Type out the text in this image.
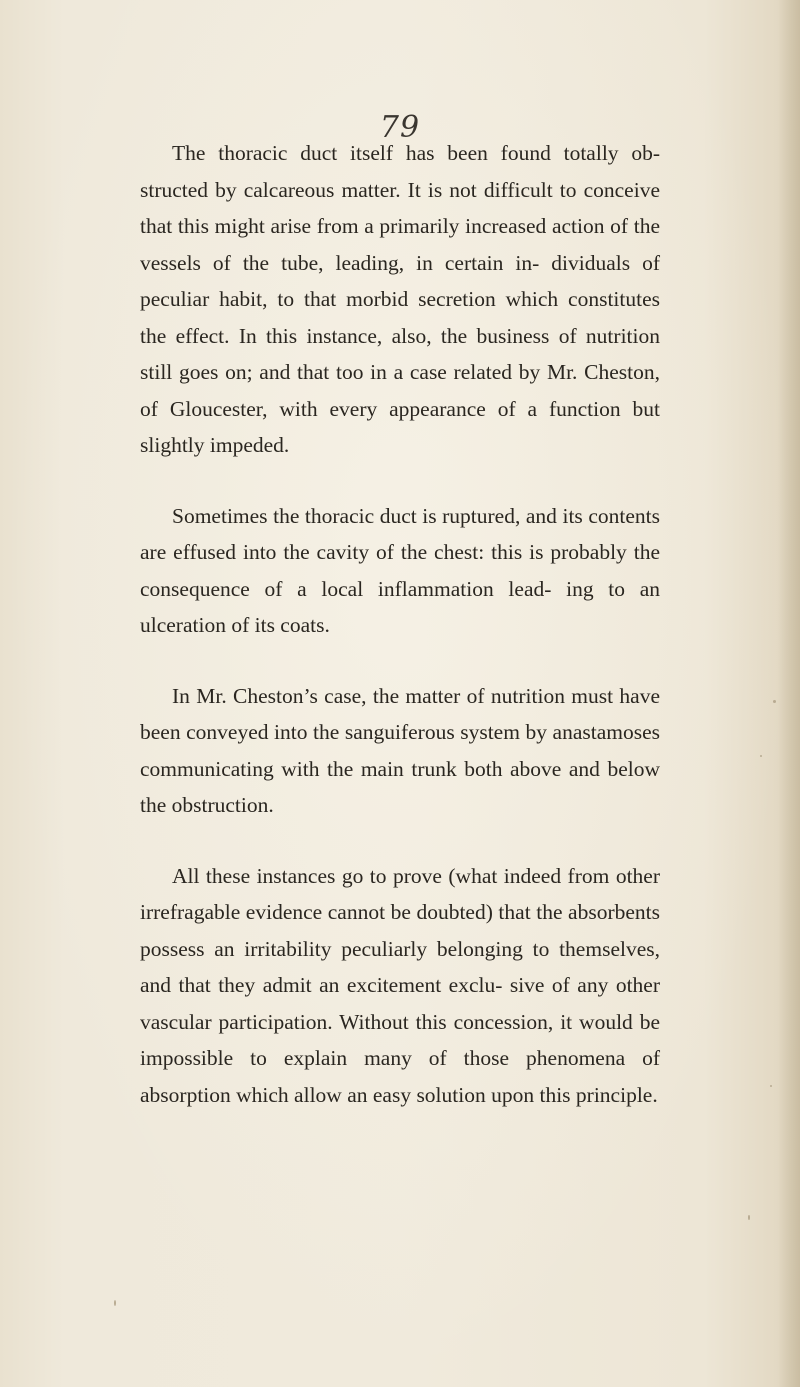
79

The thoracic duct itself has been found totally ob- structed by calcareous matter. It is not difficult to conceive that this might arise from a primarily increased action of the vessels of the tube, leading, in certain in- dividuals of peculiar habit, to that morbid secretion which constitutes the effect. In this instance, also, the business of nutrition still goes on; and that too in a case related by Mr. Cheston, of Gloucester, with every appearance of a function but slightly impeded.

Sometimes the thoracic duct is ruptured, and its contents are effused into the cavity of the chest: this is probably the consequence of a local inflammation lead- ing to an ulceration of its coats.

In Mr. Cheston’s case, the matter of nutrition must have been conveyed into the sanguiferous system by anastamoses communicating with the main trunk both above and below the obstruction.

All these instances go to prove (what indeed from other irrefragable evidence cannot be doubted) that the absorbents possess an irritability peculiarly belonging to themselves, and that they admit an excitement exclu- sive of any other vascular participation. Without this concession, it would be impossible to explain many of those phenomena of absorption which allow an easy solution upon this principle.
